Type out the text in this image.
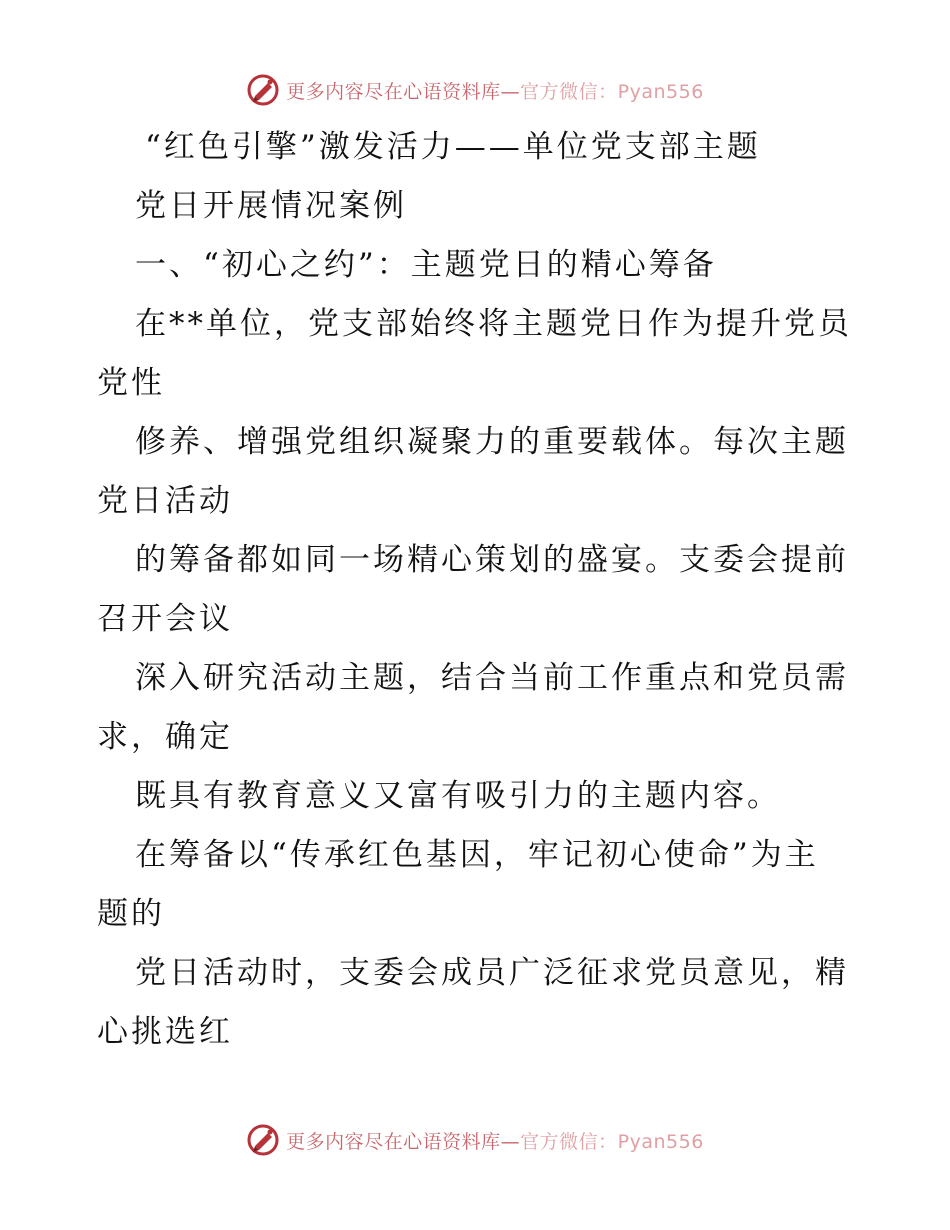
更多内容尽在心语资料库—官方微信：Pyan556
“红色引擎”激发活力——单位党支部主题
党日开展情况案例
一、“初心之约”：主题党日的精心筹备
在**单位，党支部始终将主题党日作为提升党员
党性
修养、增强党组织凝聚力的重要载体。每次主题
党日活动
的筹备都如同一场精心策划的盛宴。支委会提前
召开会议
深入研究活动主题，结合当前工作重点和党员需
求，确定
既具有教育意义又富有吸引力的主题内容。
在筹备以“传承红色基因，牢记初心使命”为主
题的
党日活动时，支委会成员广泛征求党员意见，精
心挑选红
更多内容尽在心语资料库—官方微信：Pyan556
